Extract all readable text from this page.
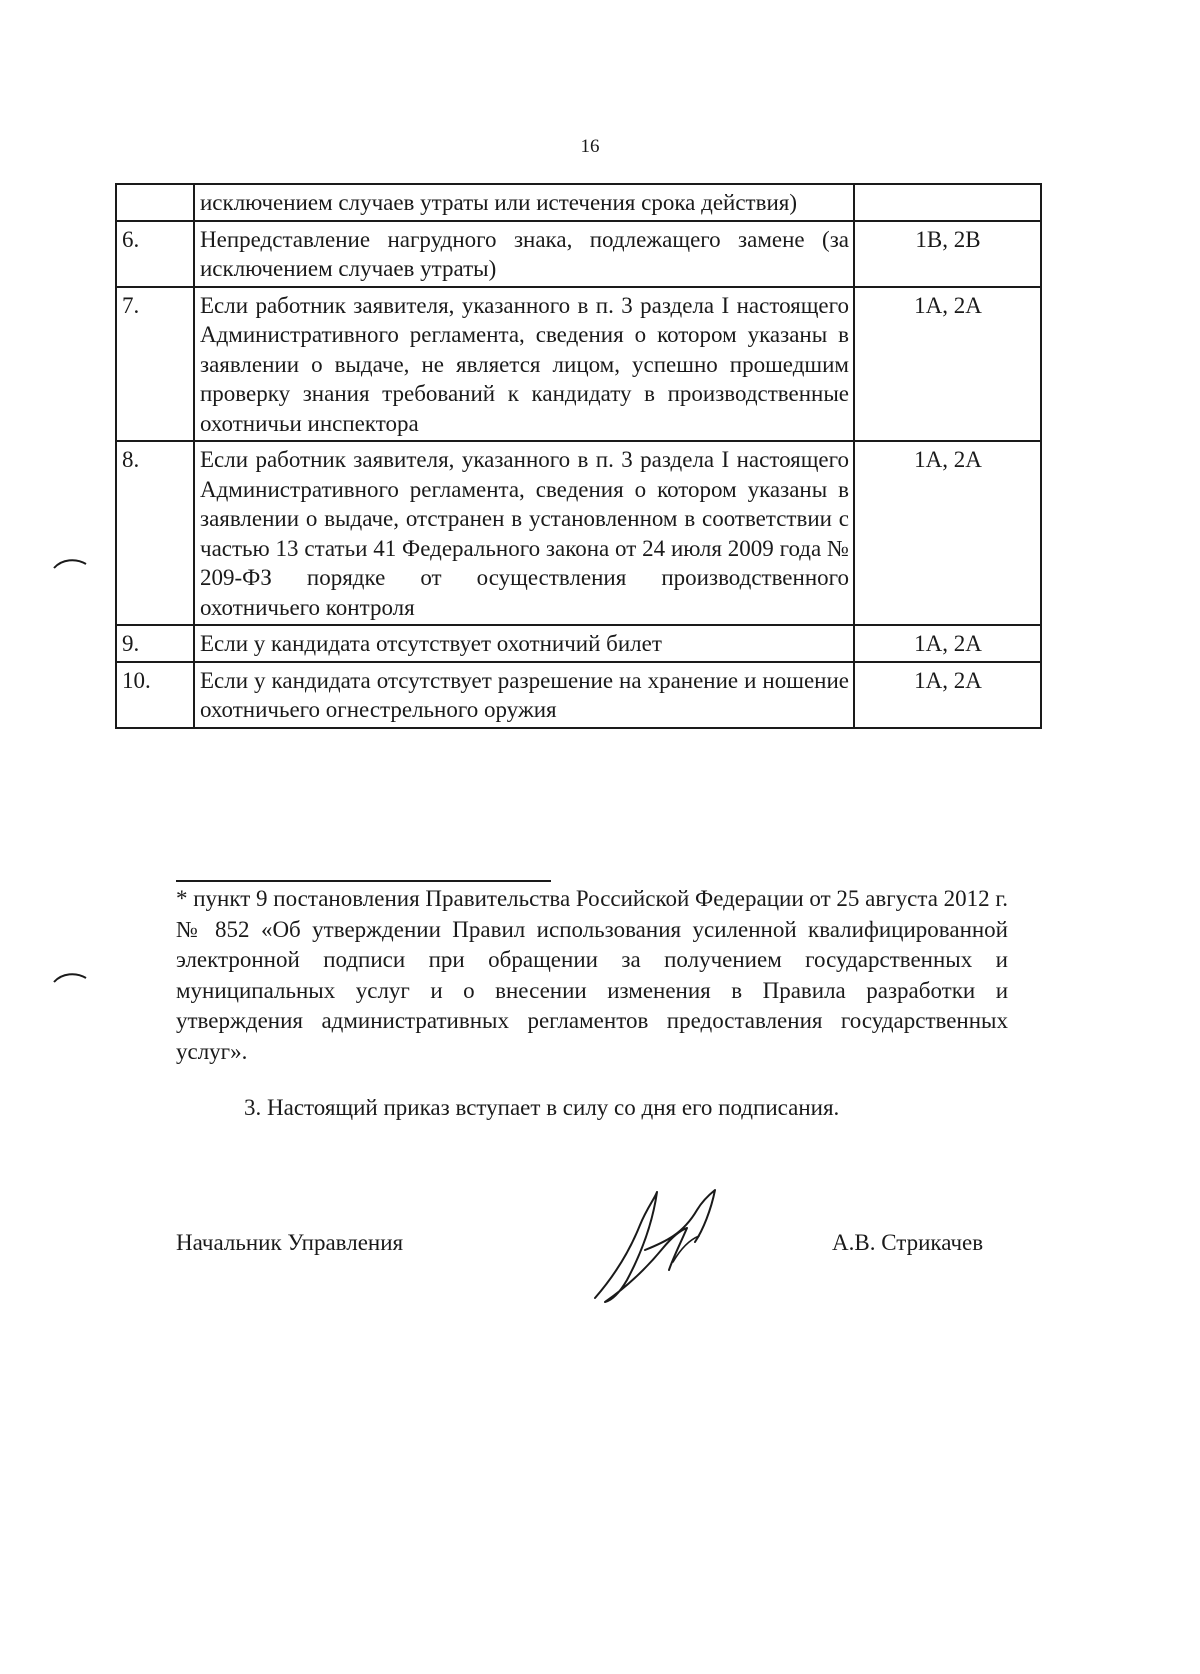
16
	исключением случаев утраты или истечения срока действия)	
6.	Непредставление нагрудного знака, подлежащего замене (за исключением случаев утраты)	1В, 2В
7.	Если работник заявителя, указанного в п. 3 раздела I настоящего Административного регламента, сведения о котором указаны в заявлении о выдаче, не является лицом, успешно прошедшим проверку знания требований к кандидату в производственные охотничьи инспектора	1А, 2А
8.	Если работник заявителя, указанного в п. 3 раздела I настоящего Административного регламента, сведения о котором указаны в заявлении о выдаче, отстранен в установленном в соответствии с частью 13 статьи 41 Федерального закона от 24 июля 2009 года № 209-ФЗ порядке от осуществления производственного охотничьего контроля	1А, 2А
9.	Если у кандидата отсутствует охотничий билет	1А, 2А
10.	Если у кандидата отсутствует разрешение на хранение и ношение охотничьего огнестрельного оружия	1А, 2А
* пункт 9 постановления Правительства Российской Федерации от 25 августа 2012 г. № 852 «Об утверждении Правил использования усиленной квалифицированной электронной подписи при обращении за получением государственных и муниципальных услуг и о внесении изменения в Правила разработки и утверждения административных регламентов предоставления государственных услуг».
3. Настоящий приказ вступает в силу со дня его подписания.
Начальник Управления	А.В. Стрикачев
